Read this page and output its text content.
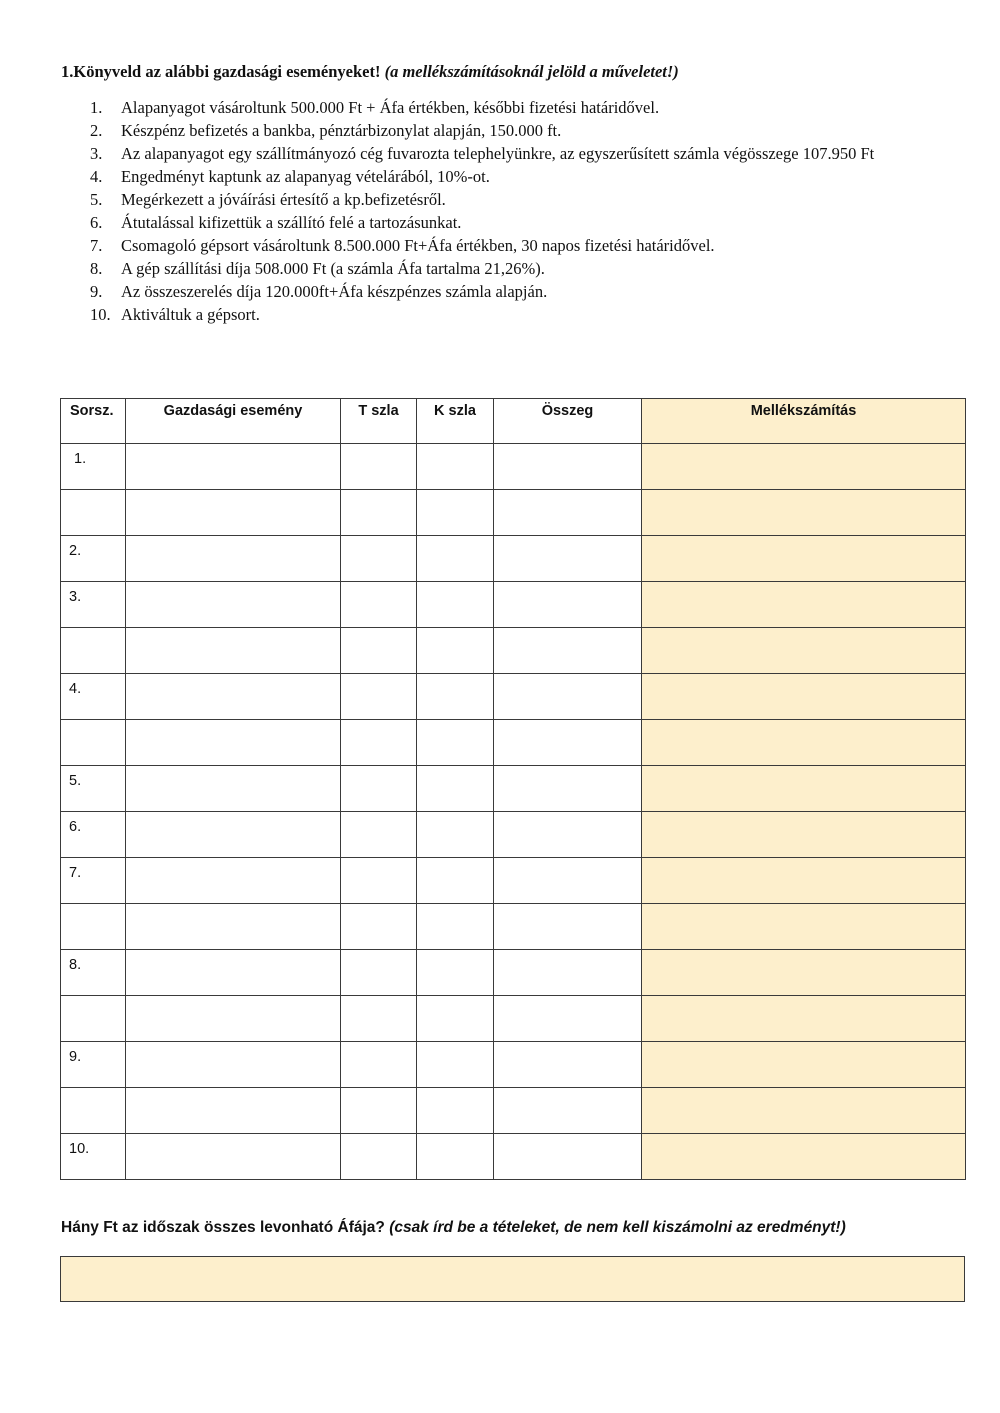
1.Könyveld az alábbi gazdasági eseményeket! (a mellékszámításoknál jelöld a műveletet!)
1. Alapanyagot vásároltunk 500.000 Ft + Áfa értékben, későbbi fizetési határidővel.
2. Készpénz befizetés a bankba, pénztárbizonylat alapján, 150.000 ft.
3. Az alapanyagot egy szállítmányozó cég fuvarozta telephelyünkre, az egyszerűsített számla végösszege 107.950 Ft
4. Engedményt kaptunk az alapanyag vételárából, 10%-ot.
5. Megérkezett a jóváírási értesítő a kp.befizetésről.
6. Átutalással kifizettük a szállító felé a tartozásunkat.
7. Csomagoló gépsort vásároltunk 8.500.000 Ft+Áfa értékben, 30 napos fizetési határidővel.
8. A gép szállítási díja 508.000 Ft (a számla Áfa tartalma 21,26%).
9. Az összeszerelés díja 120.000ft+Áfa készpénzes számla alapján.
10. Aktiváltuk a gépsort.
Sorsz.	Gazdasági esemény	T szla	K szla	Összeg	Mellékszámítás
1.					

2.					
3.					

4.					

5.					
6.					
7.					

8.					

9.					

10.					
Hány Ft az időszak összes levonható Áfája? (csak írd be a tételeket, de nem kell kiszámolni az eredményt!)
